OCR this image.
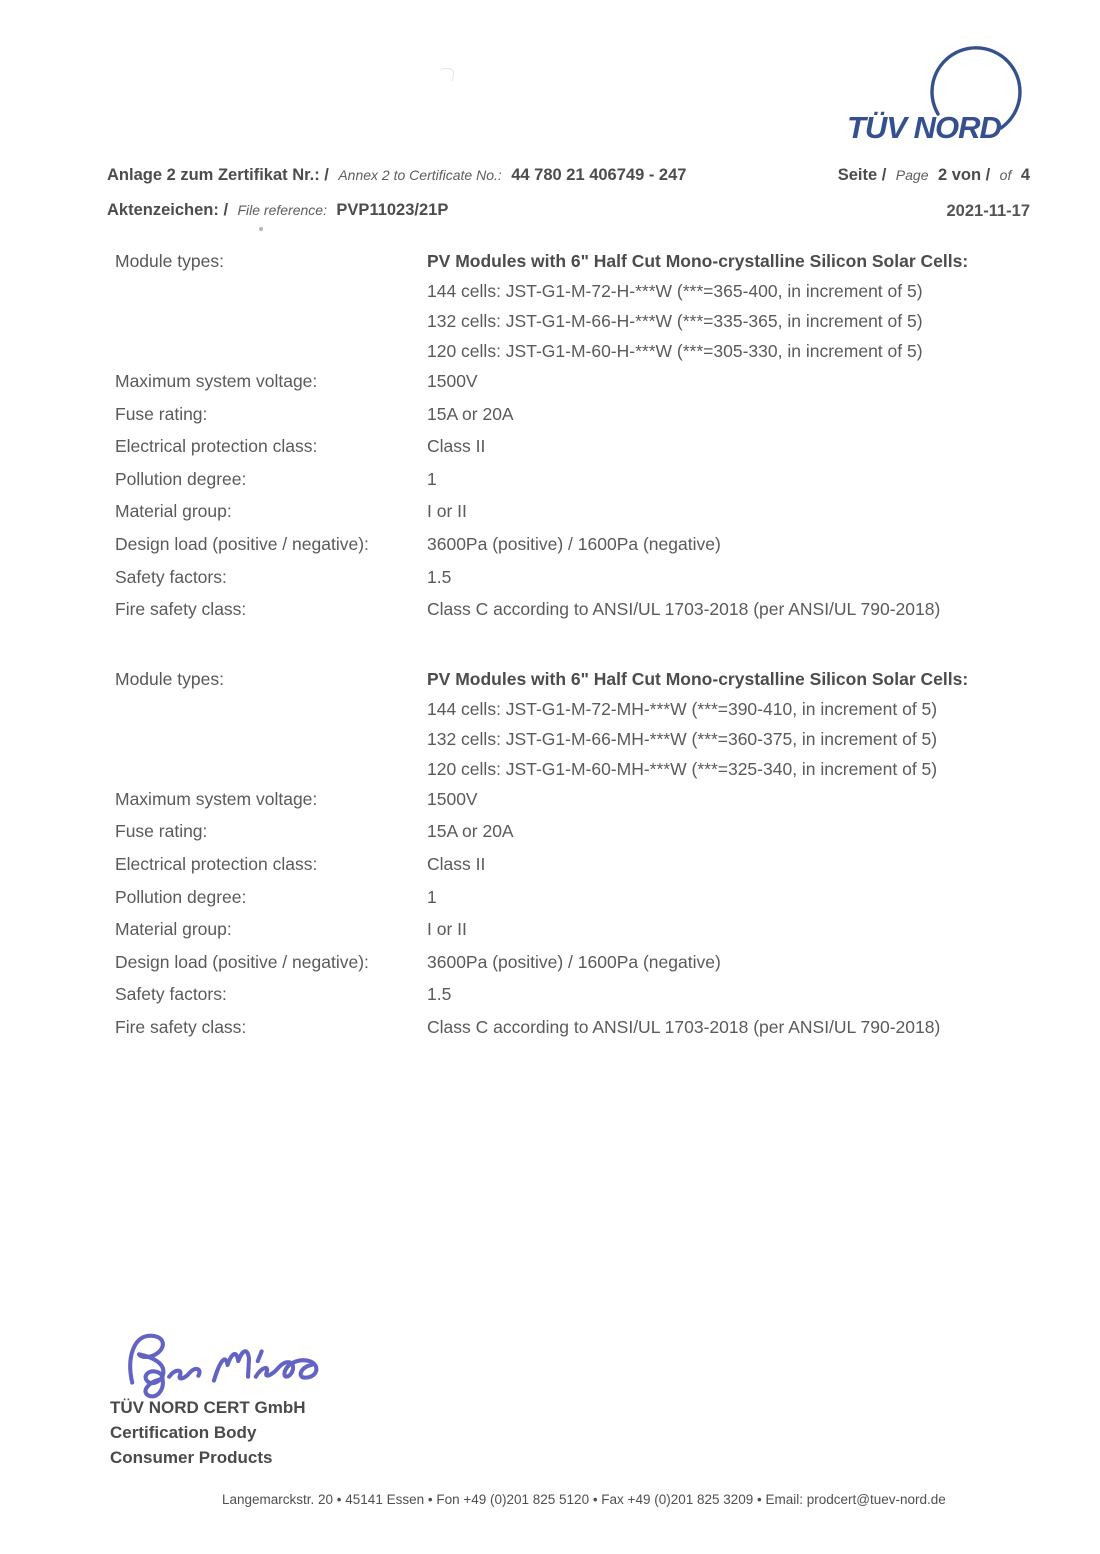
TÜV NORD
Anlage 2 zum Zertifikat Nr.: / Annex 2 to Certificate No.: 44 780 21 406749 - 247
Aktenzeichen: / File reference: PVP11023/21P
Seite / Page 2 von / of 4
2021-11-17
Module types:	PV Modules with 6" Half Cut Mono-crystalline Silicon Solar Cells:
144 cells: JST-G1-M-72-H-***W (***=365-400, in increment of 5)
132 cells: JST-G1-M-66-H-***W (***=335-365, in increment of 5)
120 cells: JST-G1-M-60-H-***W (***=305-330, in increment of 5)
Maximum system voltage:	1500V
Fuse rating:	15A or 20A
Electrical protection class:	Class II
Pollution degree:	1
Material group:	I or II
Design load (positive / negative):	3600Pa (positive) / 1600Pa (negative)
Safety factors:	1.5
Fire safety class:	Class C according to ANSI/UL 1703-2018 (per ANSI/UL 790-2018)
Module types:	PV Modules with 6" Half Cut Mono-crystalline Silicon Solar Cells:
144 cells: JST-G1-M-72-MH-***W (***=390-410, in increment of 5)
132 cells: JST-G1-M-66-MH-***W (***=360-375, in increment of 5)
120 cells: JST-G1-M-60-MH-***W (***=325-340, in increment of 5)
Maximum system voltage:	1500V
Fuse rating:	15A or 20A
Electrical protection class:	Class II
Pollution degree:	1
Material group:	I or II
Design load (positive / negative):	3600Pa (positive) / 1600Pa (negative)
Safety factors:	1.5
Fire safety class:	Class C according to ANSI/UL 1703-2018 (per ANSI/UL 790-2018)
TÜV NORD CERT GmbH
Certification Body
Consumer Products
Langemarckstr. 20 • 45141 Essen • Fon +49 (0)201 825 5120 • Fax +49 (0)201 825 3209 • Email: prodcert@tuev-nord.de
